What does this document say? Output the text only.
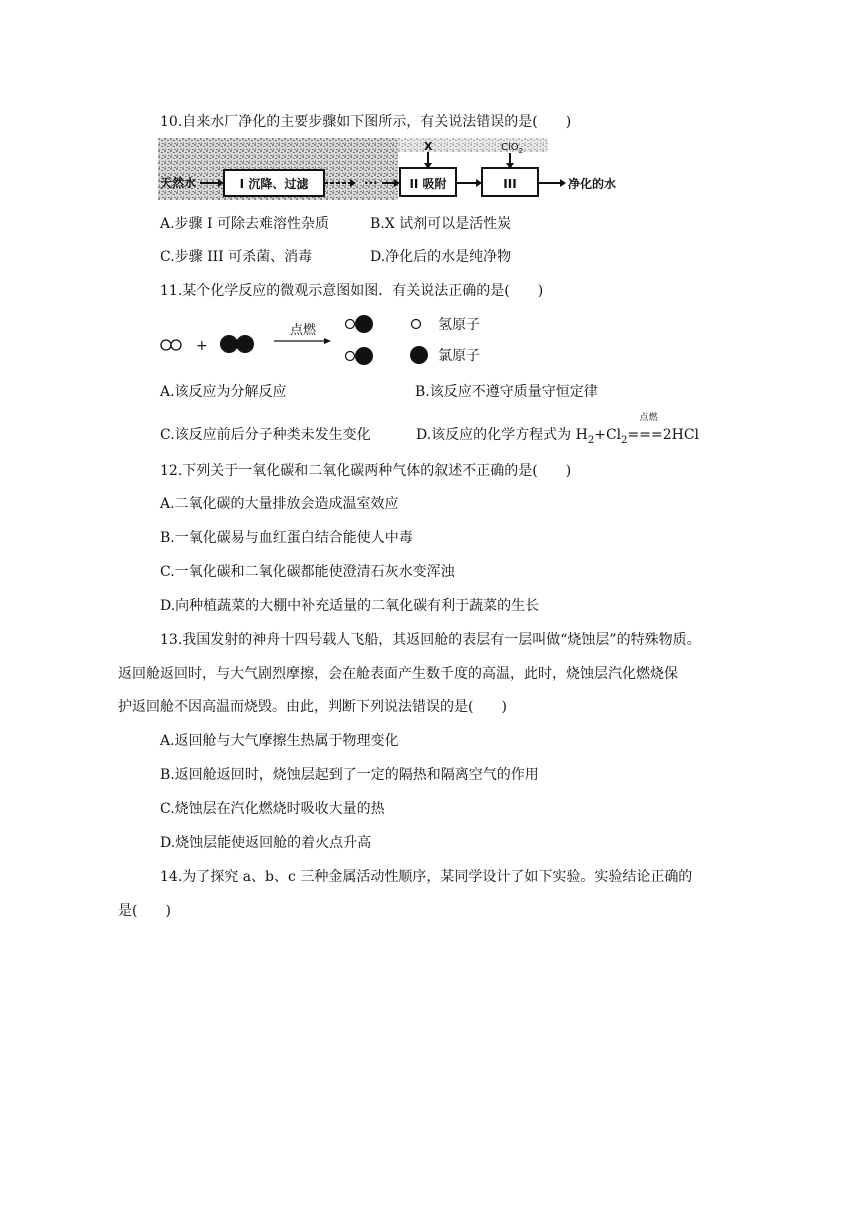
10.自来水厂净化的主要步骤如下图所示，有关说法错误的是(　　)
天然水	I 沉降、过滤	···	II 吸附
X
III
ClO$_2$
净化的水
A.步骤 I 可除去难溶性杂质	B.X 试剂可以是活性炭
C.步骤 III 可杀菌、消毒	D.净化后的水是纯净物
11.某个化学反应的微观示意图如图．有关说法正确的是(　　)
+
点燃	氢原子
氯原子
A.该反应为分解反应	B.该反应不遵守质量守恒定律
C.该反应前后分子种类未发生变化	D.该反应的化学方程式为 $H_2+Cl_2$
点燃
===2HCl
12.下列关于一氧化碳和二氧化碳两种气体的叙述不正确的是(　　)
A.二氧化碳的大量排放会造成温室效应
B.一氧化碳易与血红蛋白结合能使人中毒
C.一氧化碳和二氧化碳都能使澄清石灰水变浑浊
D.向种植蔬菜的大棚中补充适量的二氧化碳有利于蔬菜的生长
13.我国发射的神舟十四号载人飞船，其返回舱的表层有一层叫做“烧蚀层”的特殊物质。
返回舱返回时，与大气剧烈摩擦，会在舱表面产生数千度的高温，此时，烧蚀层汽化燃烧保
护返回舱不因高温而烧毁。由此，判断下列说法错误的是(　　)
A.返回舱与大气摩擦生热属于物理变化
B.返回舱返回时，烧蚀层起到了一定的隔热和隔离空气的作用
C.烧蚀层在汽化燃烧时吸收大量的热
D.烧蚀层能使返回舱的着火点升高
14.为了探究 a、b、c 三种金属活动性顺序，某同学设计了如下实验。实验结论正确的
是(　　)
